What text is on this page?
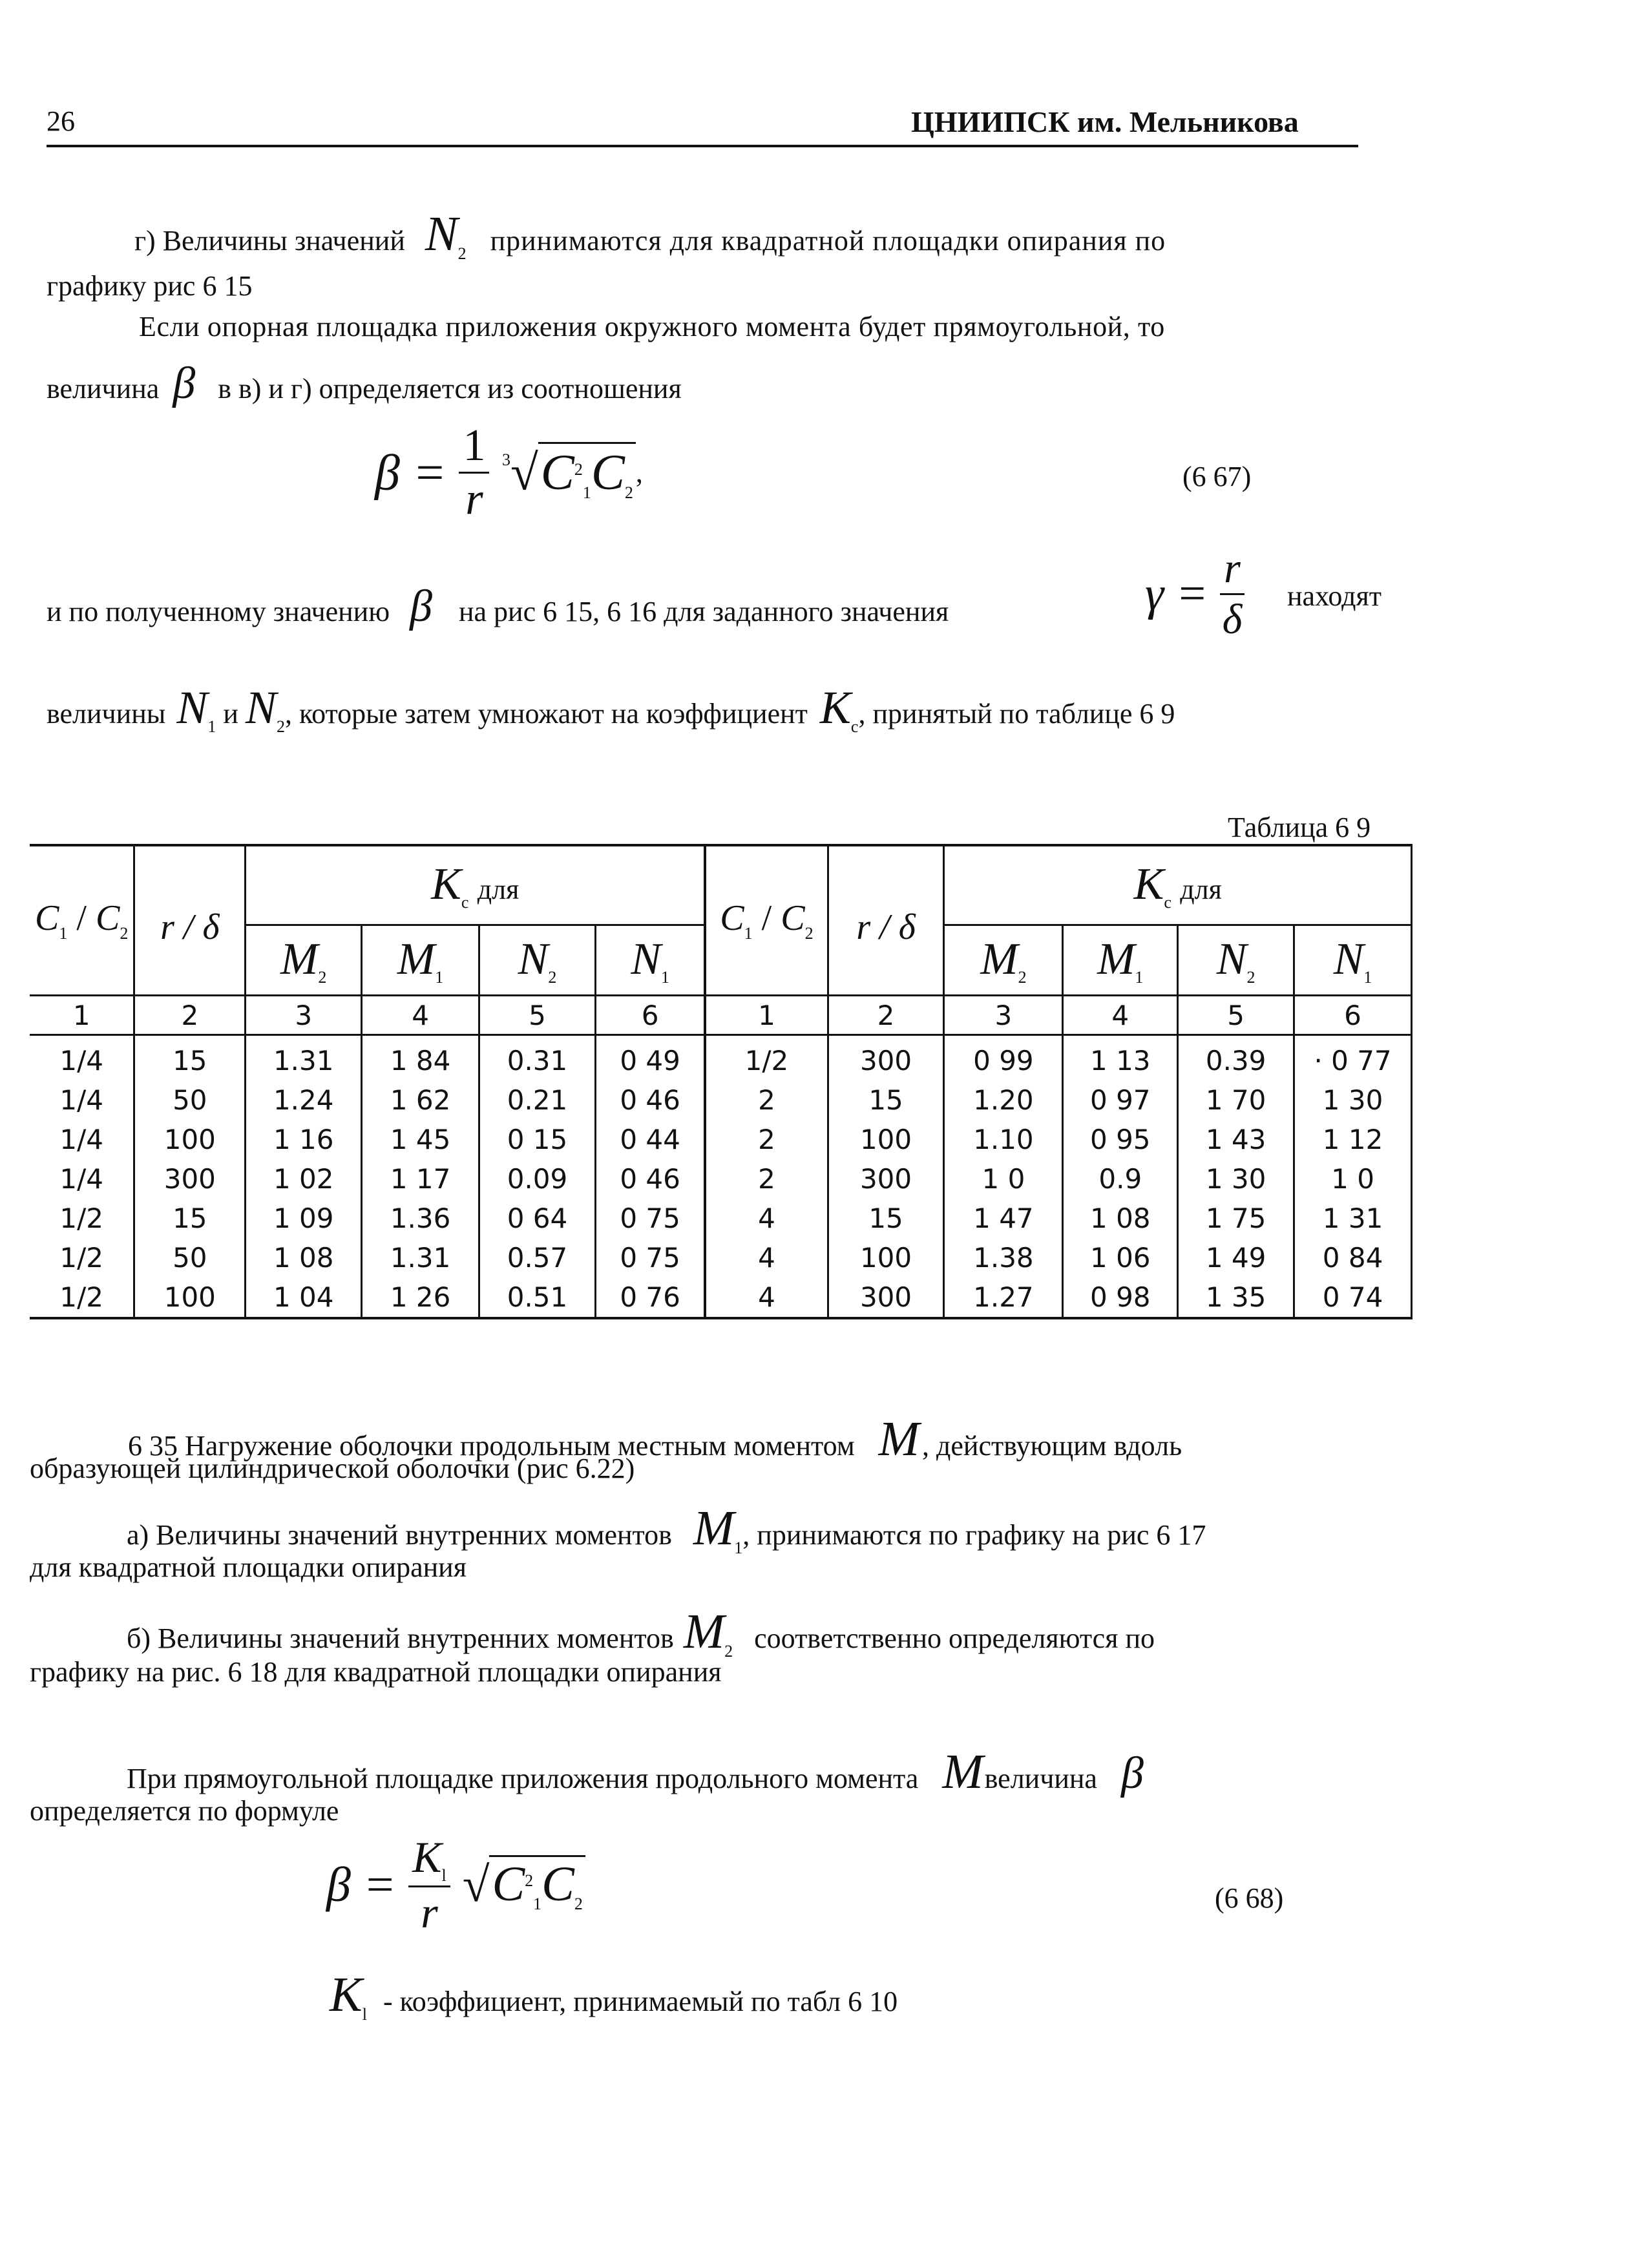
26	ЦНИИПСК им. Мельникова
г) Величины значений $N_2$ принимаются для квадратной площадки опирания по
графику рис 6 15
Если опорная площадка приложения окружного момента будет прямоугольной, то
величина β в в) и г) определяется из соотношения
$\beta = \frac{1}{r} ^3√C^2_1C_2$,	(6 67)
и по полученному значению β на рис 6 15, 6 16 для заданного значения	$\gamma = \frac{r}{\delta}$ находят
величины $N_1$ и $N_2$, которые затем умножают на коэффициент $K_c$, принятый по таблице 6 9
Таблица 6 9
$C_1 / C_2$	r / δ	$K_c$ для				$C_1 / C_2$	r / δ	$K_c$ для			
		$M_2$	$M_1$	$N_2$	$N_1$			$M_2$	$M_1$	$N_2$	$N_1$
1	2	3	4	5	6	1	2	3	4	5	6
1/4	15	1.31	1 84	0.31	0 49	1/2	300	0 99	1 13	0.39	· 0 77
1/4	50	1.24	1 62	0.21	0 46	2	15	1.20	0 97	1 70	1 30
1/4	100	1 16	1 45	0 15	0 44	2	100	1.10	0 95	1 43	1 12
1/4	300	1 02	1 17	0.09	0 46	2	300	1 0	0.9	1 30	1 0
1/2	15	1 09	1.36	0 64	0 75	4	15	1 47	1 08	1 75	1 31
1/2	50	1 08	1.31	0.57	0 75	4	100	1.38	1 06	1 49	0 84
1/2	100	1 04	1 26	0.51	0 76	4	300	1.27	0 98	1 35	0 74
6 35 Нагружение оболочки продольным местным моментом M, действующим вдоль
образующей цилиндрической оболочки (рис 6.22)
а) Величины значений внутренних моментов $M_1$, принимаются по графику на рис 6 17
для квадратной площадки опирания
б) Величины значений внутренних моментов $M_2$ соответственно определяются по
графику на рис. 6 18 для квадратной площадки опирания
При прямоугольной площадке приложения продольного момента Mвеличина β
определяется по формуле
$\beta = \frac{K_l}{r} √C^2_1C_2$	(6 68)
$K_l$ - коэффициент, принимаемый по табл 6 10
